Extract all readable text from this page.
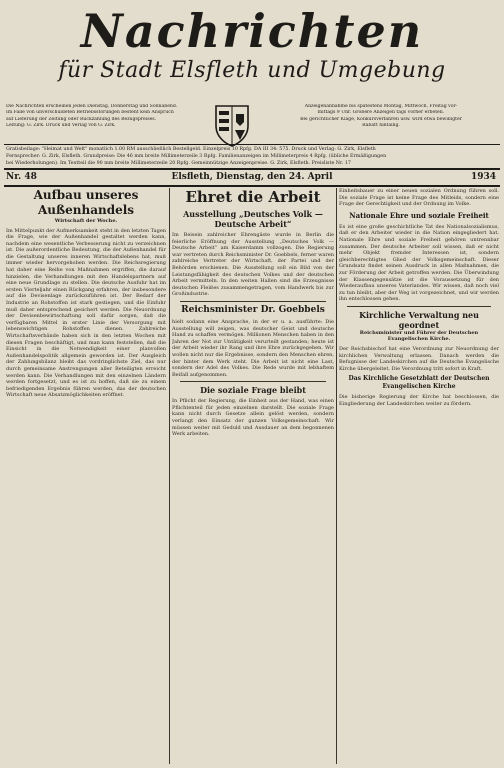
Nachrichten
für Stadt Elsfleth und Umgebung
Die Nachrichten erscheinen jeden Dienstag, Donnerstag und Sonnabend.
Im Falle von unverschuldeten Betriebsstörungen besteht kein Anspruch
auf Lieferung der Zeitung oder Rückzahlung des Bezugspreises.
Leitung: G. Zirk. Druck und Verlag von G. Zirk.
Anzeigenannahme bis spätestens Montag, Mittwoch, Freitag vor-
mittags 9 Uhr. Größere Anzeigen tags vorher erbeten.
Bei gerichtlicher Klage, Konkursverfahren usw. wird etwa bewilligter
Rabatt hinfällig.
Gratisbeilage: "Heimat und Welt" monatlich 1.00 RM ausschließlich Bestellgeld. Einzelpreis 10 Rpfg. DA III 34: 575. Druck und Verlag: G. Zirk, Elsfleth
Fernsprecher: G. Zirk, Elsfleth. Grundpreise: Die 46 mm breite Millimeterzeile 3 Rpfg. Familienanzeigen im Millimeterpreis 4 Rpfg. (übliche Ermäßigungen
bei Wiederholungen). Im Textteil die 90 mm breite Millimeterzeile 20 Rpfg. Gemeinnützige Anzeigenpreise. G. Zirk, Elsfleth. Preisliste Nr. 17
Nr. 48	Elsfleth, Dienstag, den 24. April	1934
Aufbau unseres Außenhandels
Wirtschaft der Woche.
Im Mittelpunkt der Aufmerksamkeit steht in den letzten Tagen die Frage, wie der Außenhandel gestaltet werden kann, nachdem eine wesentliche Verbesserung nicht zu verzeichnen ist. Die außerordentliche Bedeutung, die der Außenhandel für die Gestaltung unseres inneren Wirtschaftslebens hat, muß immer wieder hervorgehoben werden. Die Reichsregierung hat daher eine Reihe von Maßnahmen ergriffen, die darauf hinzielen, die Verhandlungen mit den Handelspartnern auf eine neue Grundlage zu stellen. Die deutsche Ausfuhr hat im ersten Vierteljahr einen Rückgang erfahren, der insbesondere auf die Devisenlage zurückzuführen ist. Der Bedarf der Industrie an Rohstoffen ist stark gestiegen, und die Einfuhr muß daher entsprechend gesichert werden. Die Neuordnung der Devisenbewirtschaftung soll dafür sorgen, daß die verfügbaren Mittel in erster Linie der Versorgung mit lebenswichtigen Rohstoffen dienen. Zahlreiche Wirtschaftsverbände haben sich in den letzten Wochen mit diesen Fragen beschäftigt, und man kann feststellen, daß die Einsicht in die Notwendigkeit einer planvollen Außenhandelspolitik allgemein geworden ist. Der Ausgleich der Zahlungsbilanz bleibt das vordringlichste Ziel, das nur durch gemeinsame Anstrengungen aller Beteiligten erreicht werden kann. Die Verhandlungen mit den einzelnen Ländern werden fortgesetzt, und es ist zu hoffen, daß sie zu einem befriedigenden Ergebnis führen werden, das der deutschen Wirtschaft neue Absatzmöglichkeiten eröffnet.
Ehret die Arbeit
Ausstellung „Deutsches Volk — Deutsche Arbeit“
Im Beisein zahlreicher Ehrengäste wurde in Berlin die feierliche Eröffnung der Ausstellung „Deutsches Volk — Deutsche Arbeit“ am Kaiserdamm vollzogen. Die Regierung war vertreten durch Reichsminister Dr. Goebbels, ferner waren zahlreiche Vertreter der Wirtschaft, der Partei und der Behörden erschienen. Die Ausstellung soll ein Bild von der Leistungsfähigkeit des deutschen Volkes und der deutschen Arbeit vermitteln. In den weiten Hallen sind die Erzeugnisse deutschen Fleißes zusammengetragen, vom Handwerk bis zur Großindustrie.
Reichsminister Dr. Goebbels
hielt sodann eine Ansprache, in der er u. a. ausführte: Die Ausstellung will zeigen, was deutscher Geist und deutsche Hand zu schaffen vermögen. Millionen Menschen haben in den Jahren der Not zur Untätigkeit verurteilt gestanden; heute ist der Arbeit wieder ihr Rang und ihre Ehre zurückgegeben. Wir wollen nicht nur die Ergebnisse, sondern den Menschen ehren, der hinter dem Werk steht. Die Arbeit ist nicht eine Last, sondern der Adel des Volkes. Die Rede wurde mit lebhaftem Beifall aufgenommen.
Die soziale Frage bleibt
In Pflicht der Regierung, die Einheit aus der Hand, was einen Pflichtenteil für jeden einzelnen darstellt. Die soziale Frage kann nicht durch Gesetze allein gelöst werden, sondern verlangt den Einsatz der ganzen Volksgemeinschaft. Wir müssen weiter mit Geduld und Ausdauer an dem begonnenen Werk arbeiten.
Einheitsbauer zu einer neuen sozialen Ordnung führen soll. Die soziale Frage ist keine Frage des Mitleids, sondern eine Frage der Gerechtigkeit und der Ordnung im Volke.
Nationale Ehre und soziale Freiheit
Es ist eine große geschichtliche Tat des Nationalsozialismus, daß er den Arbeiter wieder in die Nation eingegliedert hat. Nationale Ehre und soziale Freiheit gehören untrennbar zusammen. Der deutsche Arbeiter soll wissen, daß er nicht mehr Objekt fremder Interessen ist, sondern gleichberechtigtes Glied der Volksgemeinschaft. Dieser Grundsatz findet seinen Ausdruck in allen Maßnahmen, die zur Förderung der Arbeit getroffen werden. Die Überwindung der Klassengegensätze ist die Voraussetzung für den Wiederaufbau unseres Vaterlandes. Wir wissen, daß noch viel zu tun bleibt, aber der Weg ist vorgezeichnet, und wir werden ihn entschlossen gehen.
Kirchliche Verwaltung neu geordnet
Reichsminister und Führer der Deutschen Evangelischen Kirche.
Der Reichsbischof hat eine Verordnung zur Neuordnung der kirchlichen Verwaltung erlassen. Danach werden die Befugnisse der Landeskirchen auf die Deutsche Evangelische Kirche übergeleitet. Die Verordnung tritt sofort in Kraft.
Das Kirchliche Gesetzblatt der Deutschen Evangelischen Kirche
Die bisherige Regierung der Kirche hat beschlossen, die Eingliederung der Landeskirchen weiter zu fördern.
